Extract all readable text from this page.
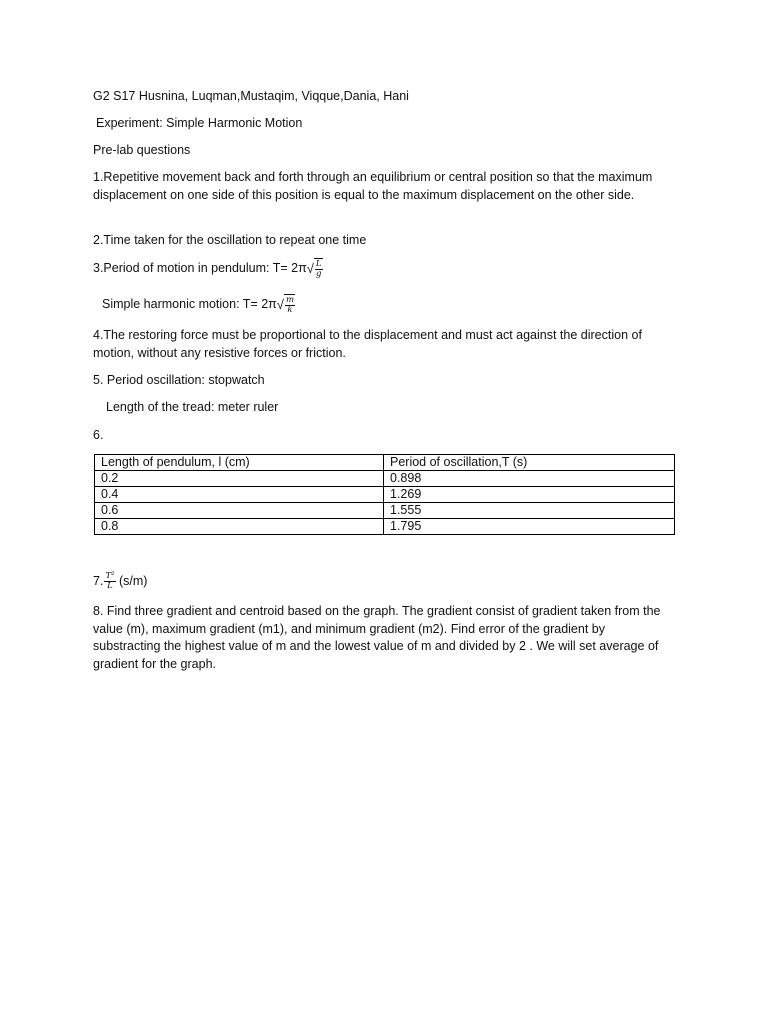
G2 S17 Husnina, Luqman,Mustaqim, Viqque,Dania, Hani
Experiment: Simple Harmonic Motion
Pre-lab questions
1.Repetitive movement back and forth through an equilibrium or central position so that the maximum displacement on one side of this position is equal to the maximum displacement on the other side.
2.Time taken for the oscillation to repeat one time
3.Period of motion in pendulum: $T= 2\pi√ \frac{L}{g}$
Simple harmonic motion: $T= 2\pi√ \frac{m}{k}$
4.The restoring force must be proportional to the displacement and must act against the direction of motion, without any resistive forces or friction.
5. Period oscillation: stopwatch
Length of the tread: meter ruler
6.
Length of pendulum, l (cm)	Period of oscillation,T (s)
0.2	0.898
0.4	1.269
0.6	1.555
0.8	1.795
7. $\frac{\text{T²}}{L} (s/m)$
8. Find three gradient and centroid based on the graph. The gradient consist of gradient taken from the value (m), maximum gradient (m1), and minimum gradient (m2). Find error of the gradient by substracting the highest value of m and the lowest value of m and divided by 2 . We will set average of gradient for the graph.
